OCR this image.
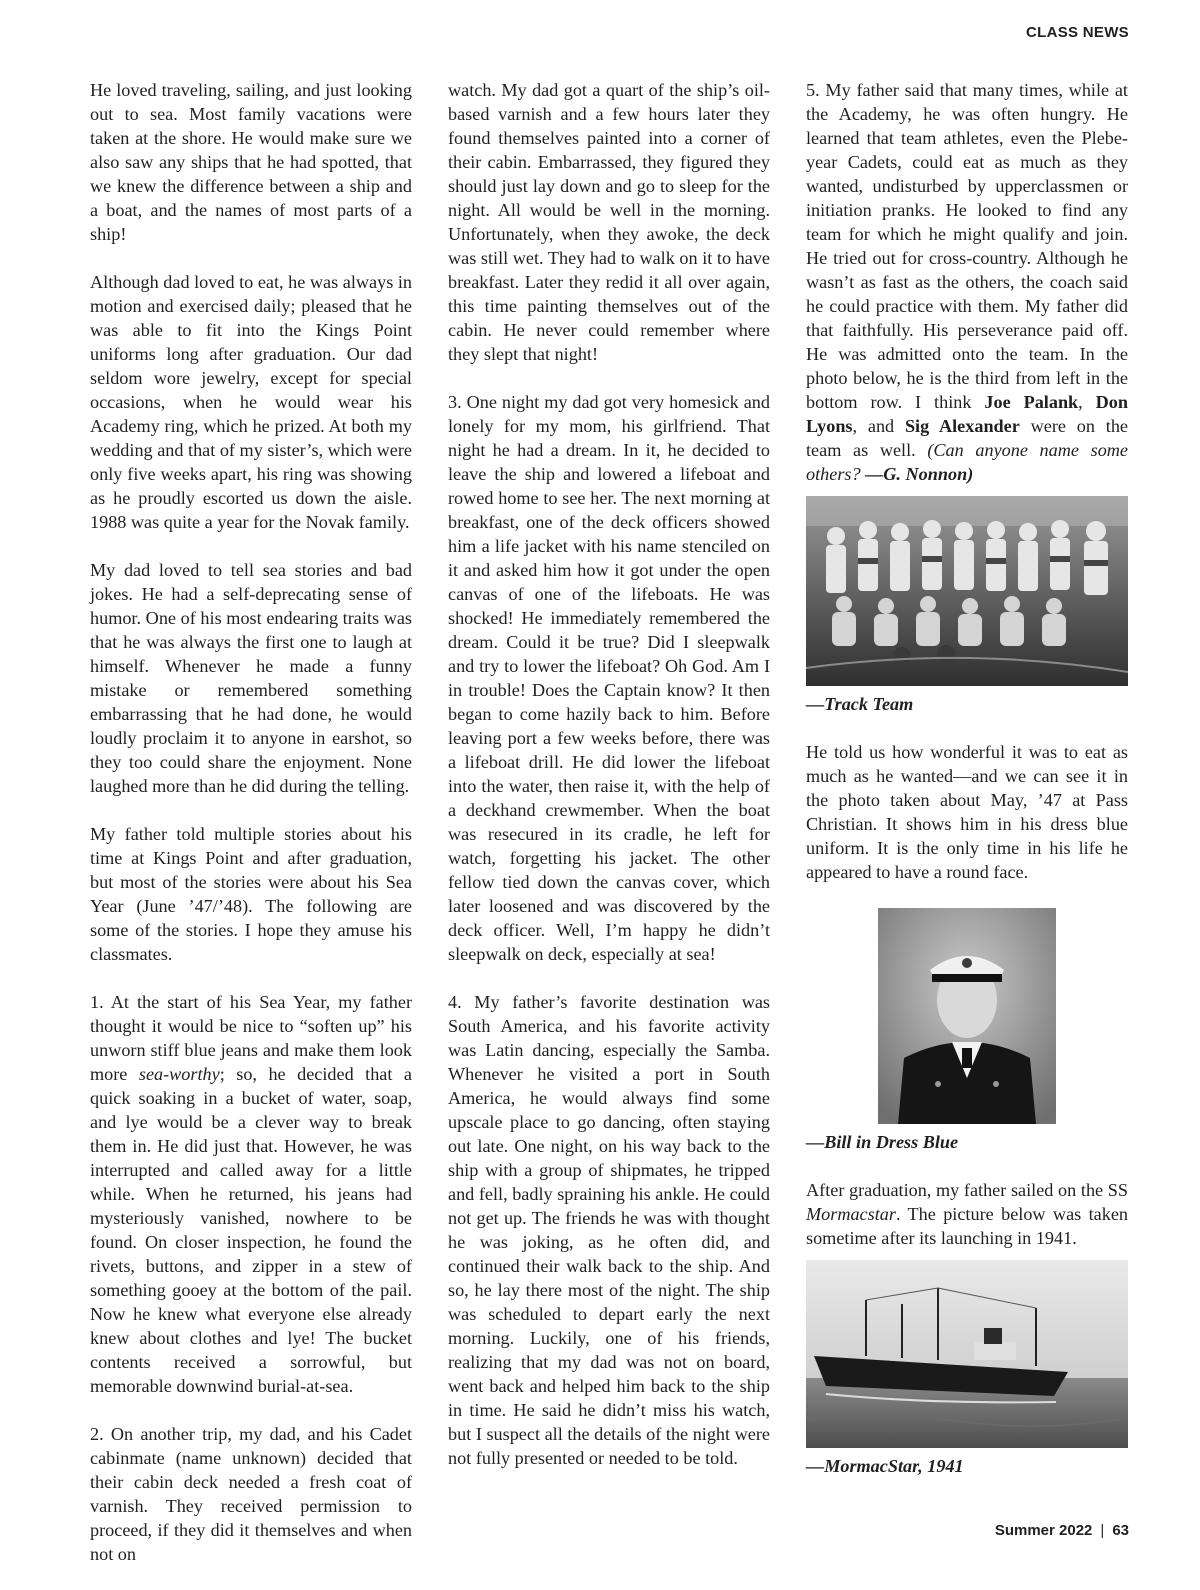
CLASS NEWS

He loved traveling, sailing, and just looking out to sea. Most family vacations were taken at the shore. He would make sure we also saw any ships that he had spotted, that we knew the difference between a ship and a boat, and the names of most parts of a ship!

Although dad loved to eat, he was always in motion and exercised daily; pleased that he was able to fit into the Kings Point uniforms long after graduation. Our dad seldom wore jewelry, except for special occasions, when he would wear his Academy ring, which he prized. At both my wedding and that of my sister’s, which were only five weeks apart, his ring was showing as he proudly escorted us down the aisle. 1988 was quite a year for the Novak family.

My dad loved to tell sea stories and bad jokes. He had a self-deprecating sense of humor. One of his most endearing traits was that he was always the first one to laugh at himself. Whenever he made a funny mistake or remembered something embarrassing that he had done, he would loudly proclaim it to anyone in earshot, so they too could share the enjoyment. None laughed more than he did during the telling.

My father told multiple stories about his time at Kings Point and after graduation, but most of the stories were about his Sea Year (June ’47/’48). The following are some of the stories. I hope they amuse his classmates.

1. At the start of his Sea Year, my father thought it would be nice to “soften up” his unworn stiff blue jeans and make them look more sea-worthy; so, he decided that a quick soaking in a bucket of water, soap, and lye would be a clever way to break them in. He did just that. However, he was interrupted and called away for a little while. When he returned, his jeans had mysteriously vanished, nowhere to be found. On closer inspection, he found the rivets, buttons, and zipper in a stew of something gooey at the bottom of the pail. Now he knew what everyone else already knew about clothes and lye! The bucket contents received a sorrowful, but memorable downwind burial-at-sea.

2. On another trip, my dad, and his Cadet cabinmate (name unknown) decided that their cabin deck needed a fresh coat of varnish. They received permission to proceed, if they did it themselves and when not on

watch. My dad got a quart of the ship’s oil-based varnish and a few hours later they found themselves painted into a corner of their cabin. Embarrassed, they figured they should just lay down and go to sleep for the night. All would be well in the morning. Unfortunately, when they awoke, the deck was still wet. They had to walk on it to have breakfast. Later they redid it all over again, this time painting themselves out of the cabin. He never could remember where they slept that night!

3. One night my dad got very homesick and lonely for my mom, his girlfriend. That night he had a dream. In it, he decided to leave the ship and lowered a lifeboat and rowed home to see her. The next morning at breakfast, one of the deck officers showed him a life jacket with his name stenciled on it and asked him how it got under the open canvas of one of the lifeboats. He was shocked! He immediately remembered the dream. Could it be true? Did I sleepwalk and try to lower the lifeboat? Oh God. Am I in trouble! Does the Captain know? It then began to come hazily back to him. Before leaving port a few weeks before, there was a lifeboat drill. He did lower the lifeboat into the water, then raise it, with the help of a deckhand crewmember. When the boat was resecured in its cradle, he left for watch, forgetting his jacket. The other fellow tied down the canvas cover, which later loosened and was discovered by the deck officer. Well, I’m happy he didn’t sleepwalk on deck, especially at sea!

4. My father’s favorite destination was South America, and his favorite activity was Latin dancing, especially the Samba. Whenever he visited a port in South America, he would always find some upscale place to go dancing, often staying out late. One night, on his way back to the ship with a group of shipmates, he tripped and fell, badly spraining his ankle. He could not get up. The friends he was with thought he was joking, as he often did, and continued their walk back to the ship. And so, he lay there most of the night. The ship was scheduled to depart early the next morning. Luckily, one of his friends, realizing that my dad was not on board, went back and helped him back to the ship in time. He said he didn’t miss his watch, but I suspect all the details of the night were not fully presented or needed to be told.

5. My father said that many times, while at the Academy, he was often hungry. He learned that team athletes, even the Plebe-year Cadets, could eat as much as they wanted, undisturbed by upperclassmen or initiation pranks. He looked to find any team for which he might qualify and join. He tried out for cross-country. Although he wasn’t as fast as the others, the coach said he could practice with them. My father did that faithfully. His perseverance paid off. He was admitted onto the team. In the photo below, he is the third from left in the bottom row. I think Joe Palank, Don Lyons, and Sig Alexander were on the team as well. (Can anyone name some others? —G. Nonnon)

—Track Team

He told us how wonderful it was to eat as much as he wanted—and we can see it in the photo taken about May, ’47 at Pass Christian. It shows him in his dress blue uniform. It is the only time in his life he appeared to have a round face.

—Bill in Dress Blue

After graduation, my father sailed on the SS Mormacstar. The picture below was taken sometime after its launching in 1941.

—MormacStar, 1941

Summer 2022 | 63
